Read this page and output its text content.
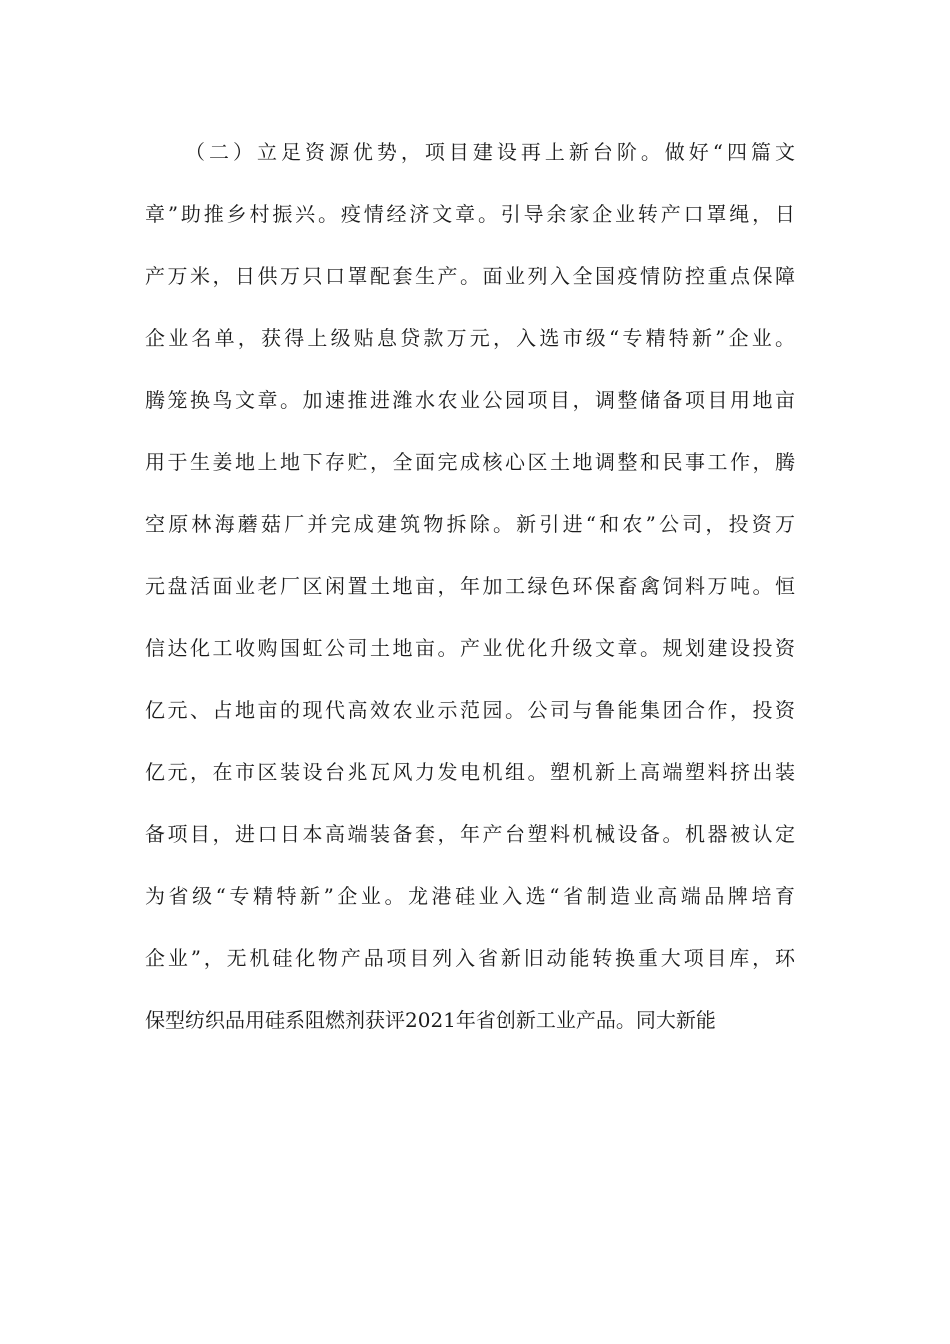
（二）立足资源优势，项目建设再上新台阶。做好“四篇文
章”助推乡村振兴。疫情经济文章。引导余家企业转产口罩绳，日
产万米，日供万只口罩配套生产。面业列入全国疫情防控重点保障
企业名单，获得上级贴息贷款万元，入选市级“专精特新”企业。
腾笼换鸟文章。加速推进潍水农业公园项目，调整储备项目用地亩
用于生姜地上地下存贮，全面完成核心区土地调整和民事工作，腾
空原林海蘑菇厂并完成建筑物拆除。新引进“和农”公司，投资万
元盘活面业老厂区闲置土地亩，年加工绿色环保畜禽饲料万吨。恒
信达化工收购国虹公司土地亩。产业优化升级文章。规划建设投资
亿元、占地亩的现代高效农业示范园。公司与鲁能集团合作，投资
亿元，在市区装设台兆瓦风力发电机组。塑机新上高端塑料挤出装
备项目，进口日本高端装备套，年产台塑料机械设备。机器被认定
为省级“专精特新”企业。龙港硅业入选“省制造业高端品牌培育
企业”，无机硅化物产品项目列入省新旧动能转换重大项目库，环
保型纺织品用硅系阻燃剂获评2021年省创新工业产品。同大新能
